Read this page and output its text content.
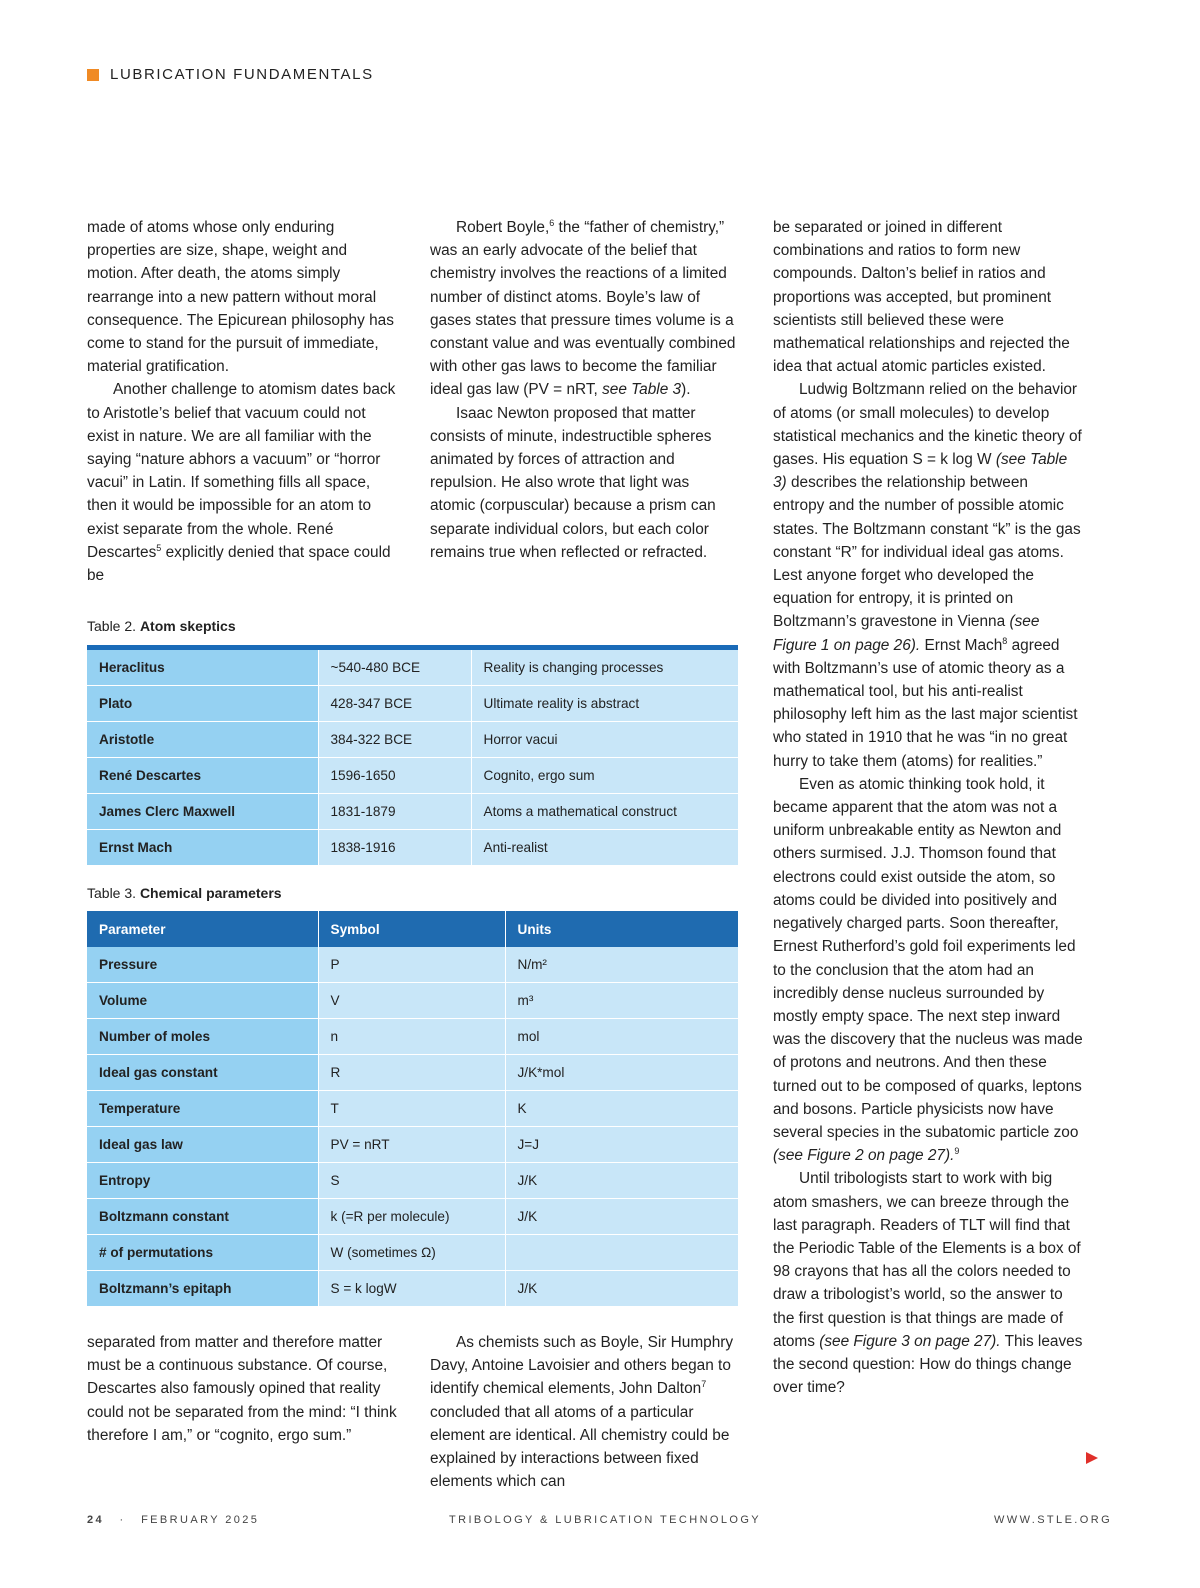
LUBRICATION FUNDAMENTALS

made of atoms whose only enduring properties are size, shape, weight and motion. After death, the atoms simply rearrange into a new pattern without moral consequence. The Epicurean philosophy has come to stand for the pursuit of immediate, material gratification.

Another challenge to atomism dates back to Aristotle’s belief that vacuum could not exist in nature. We are all familiar with the saying “nature abhors a vacuum” or “horror vacui” in Latin. If something fills all space, then it would be impossible for an atom to exist separate from the whole. René Descartes$^5$ explicitly denied that space could be

Robert Boyle,$^6$ the “father of chemistry,” was an early advocate of the belief that chemistry involves the reactions of a limited number of distinct atoms. Boyle’s law of gases states that pressure times volume is a constant value and was eventually combined with other gas laws to become the familiar ideal gas law (PV = nRT, see Table 3).

Isaac Newton proposed that matter consists of minute, indestructible spheres animated by forces of attraction and repulsion. He also wrote that light was atomic (corpuscular) because a prism can separate individual colors, but each color remains true when reflected or refracted.

be separated or joined in different combinations and ratios to form new compounds. Dalton’s belief in ratios and proportions was accepted, but prominent scientists still believed these were mathematical relationships and rejected the idea that actual atomic particles existed.

Ludwig Boltzmann relied on the behavior of atoms (or small molecules) to develop statistical mechanics and the kinetic theory of gases. His equation S = k log W (see Table 3) describes the relationship between entropy and the number of possible atomic states. The Boltzmann constant “k” is the gas constant “R” for individual ideal gas atoms. Lest anyone forget who developed the equation for entropy, it is printed on Boltzmann’s gravestone in Vienna (see Figure 1 on page 26). Ernst Mach$^8$ agreed with Boltzmann’s use of atomic theory as a mathematical tool, but his anti-realist philosophy left him as the last major scientist who stated in 1910 that he was “in no great hurry to take them (atoms) for realities.”

Even as atomic thinking took hold, it became apparent that the atom was not a uniform unbreakable entity as Newton and others surmised. J.J. Thomson found that electrons could exist outside the atom, so atoms could be divided into positively and negatively charged parts. Soon thereafter, Ernest Rutherford’s gold foil experiments led to the conclusion that the atom had an incredibly dense nucleus surrounded by mostly empty space. The next step inward was the discovery that the nucleus was made of protons and neutrons. And then these turned out to be composed of quarks, leptons and bosons. Particle physicists now have several species in the subatomic particle zoo (see Figure 2 on page 27).$^9$

Until tribologists start to work with big atom smashers, we can breeze through the last paragraph. Readers of TLT will find that the Periodic Table of the Elements is a box of 98 crayons that has all the colors needed to draw a tribologist’s world, so the answer to the first question is that things are made of atoms (see Figure 3 on page 27). This leaves the second question: How do things change over time?

Table 2. Atom skeptics
Heraclitus	~540-480 BCE	Reality is changing processes
Plato	428-347 BCE	Ultimate reality is abstract
Aristotle	384-322 BCE	Horror vacui
René Descartes	1596-1650	Cognito, ergo sum
James Clerc Maxwell	1831-1879	Atoms a mathematical construct
Ernst Mach	1838-1916	Anti-realist
Table 3. Chemical parameters
Parameter	Symbol	Units
Pressure	P	N/m²
Volume	V	m³
Number of moles	n	mol
Ideal gas constant	R	J/K*mol
Temperature	T	K
Ideal gas law	PV = nRT	J=J
Entropy	S	J/K
Boltzmann constant	k (=R per molecule)	J/K
# of permutations	W (sometimes Ω)	
Boltzmann’s epitaph	S = k logW	J/K

separated from matter and therefore matter must be a continuous substance. Of course, Descartes also famously opined that reality could not be separated from the mind: “I think therefore I am,” or “cognito, ergo sum.”

As chemists such as Boyle, Sir Humphry Davy, Antoine Lavoisier and others began to identify chemical elements, John Dalton$^7$ concluded that all atoms of a particular element are identical. All chemistry could be explained by interactions between fixed elements which can

24 · FEBRUARY 2025	TRIBOLOGY & LUBRICATION TECHNOLOGY	WWW.STLE.ORG
